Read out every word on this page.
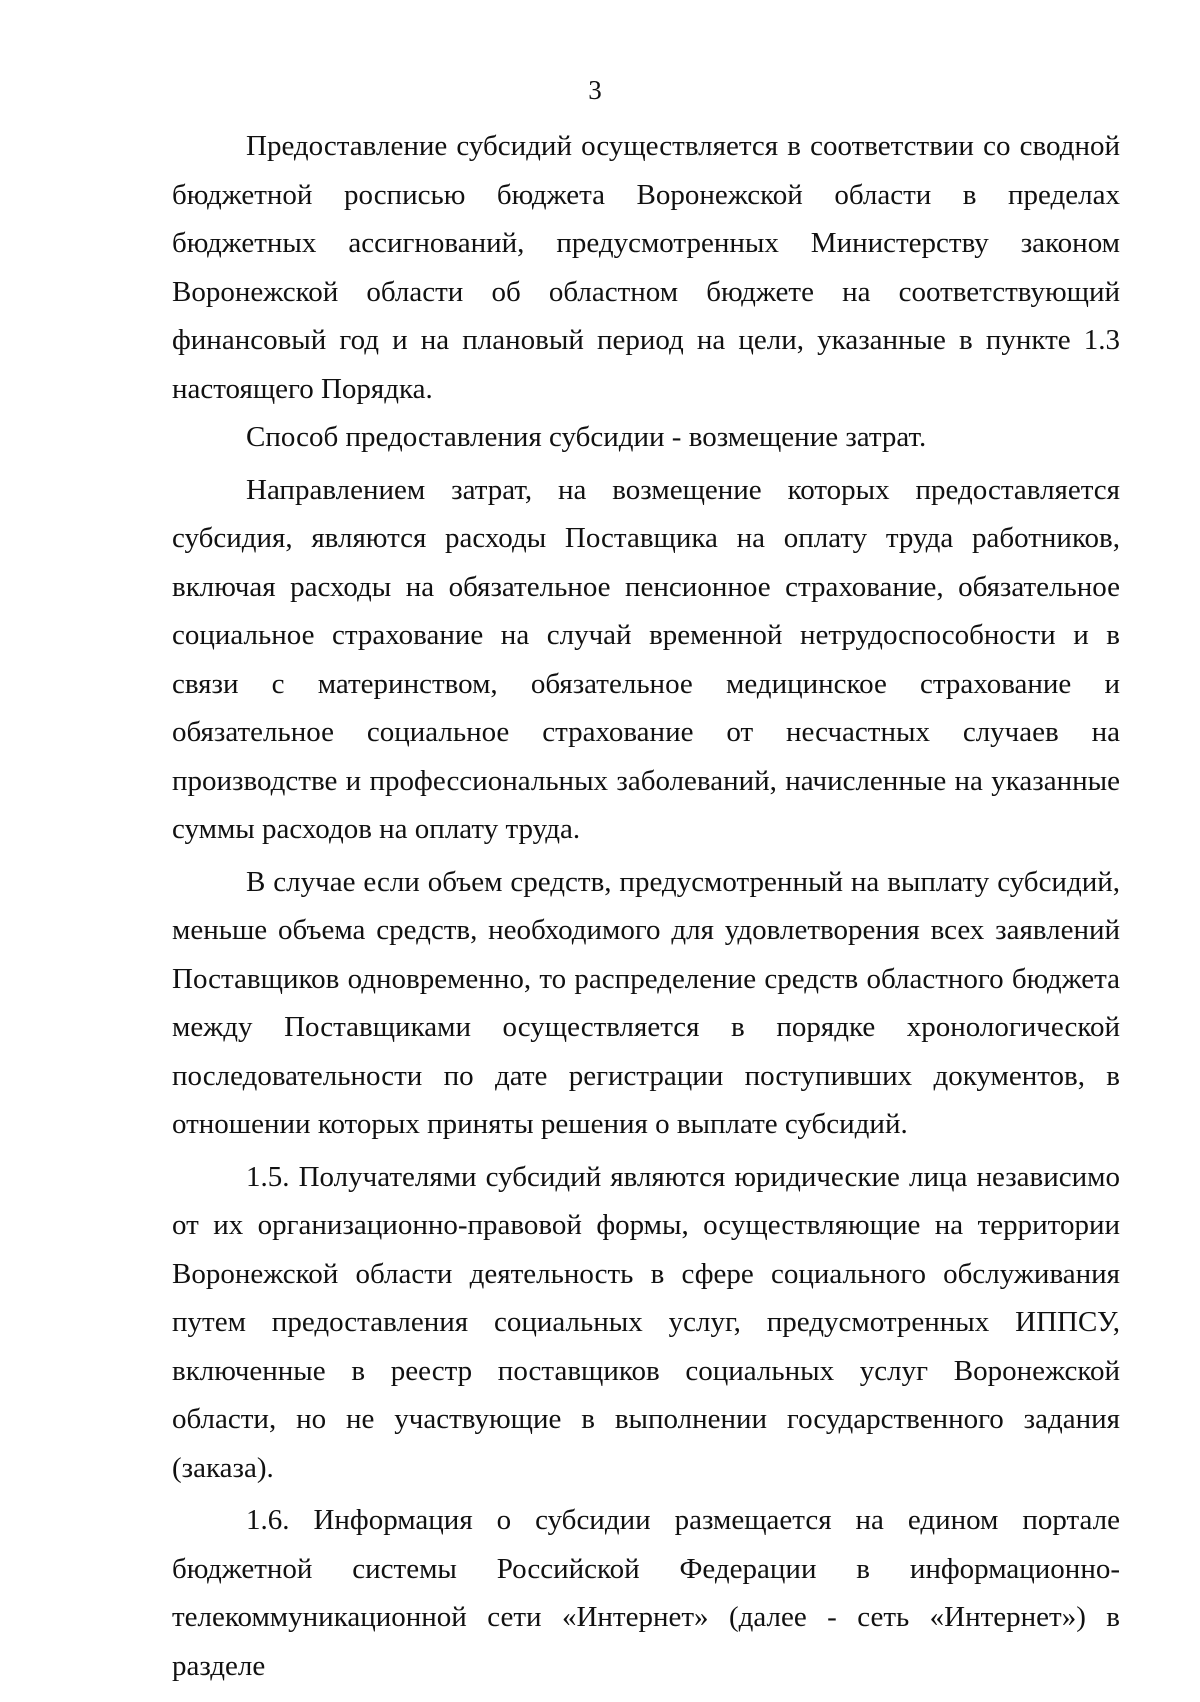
3

Предоставление субсидий осуществляется в соответствии со сводной бюджетной росписью бюджета Воронежской области в пределах бюджетных ассигнований, предусмотренных Министерству законом Воронежской области об областном бюджете на соответствующий финансовый год и на плановый период на цели, указанные в пункте 1.3 настоящего Порядка.

Способ предоставления субсидии - возмещение затрат.

Направлением затрат, на возмещение которых предоставляется субсидия, являются расходы Поставщика на оплату труда работников, включая расходы на обязательное пенсионное страхование, обязательное социальное страхование на случай временной нетрудоспособности и в связи с материнством, обязательное медицинское страхование и обязательное социальное страхование от несчастных случаев на производстве и профессиональных заболеваний, начисленные на указанные суммы расходов на оплату труда.

В случае если объем средств, предусмотренный на выплату субсидий, меньше объема средств, необходимого для удовлетворения всех заявлений Поставщиков одновременно, то распределение средств областного бюджета между Поставщиками осуществляется в порядке хронологической последовательности по дате регистрации поступивших документов, в отношении которых приняты решения о выплате субсидий.

1.5. Получателями субсидий являются юридические лица независимо от их организационно-правовой формы, осуществляющие на территории Воронежской области деятельность в сфере социального обслуживания путем предоставления социальных услуг, предусмотренных ИППСУ, включенные в реестр поставщиков социальных услуг Воронежской области, но не участвующие в выполнении государственного задания (заказа).

1.6. Информация о субсидии размещается на едином портале бюджетной системы Российской Федерации в информационно-телекоммуникационной сети «Интернет» (далее - сеть «Интернет») в разделе
